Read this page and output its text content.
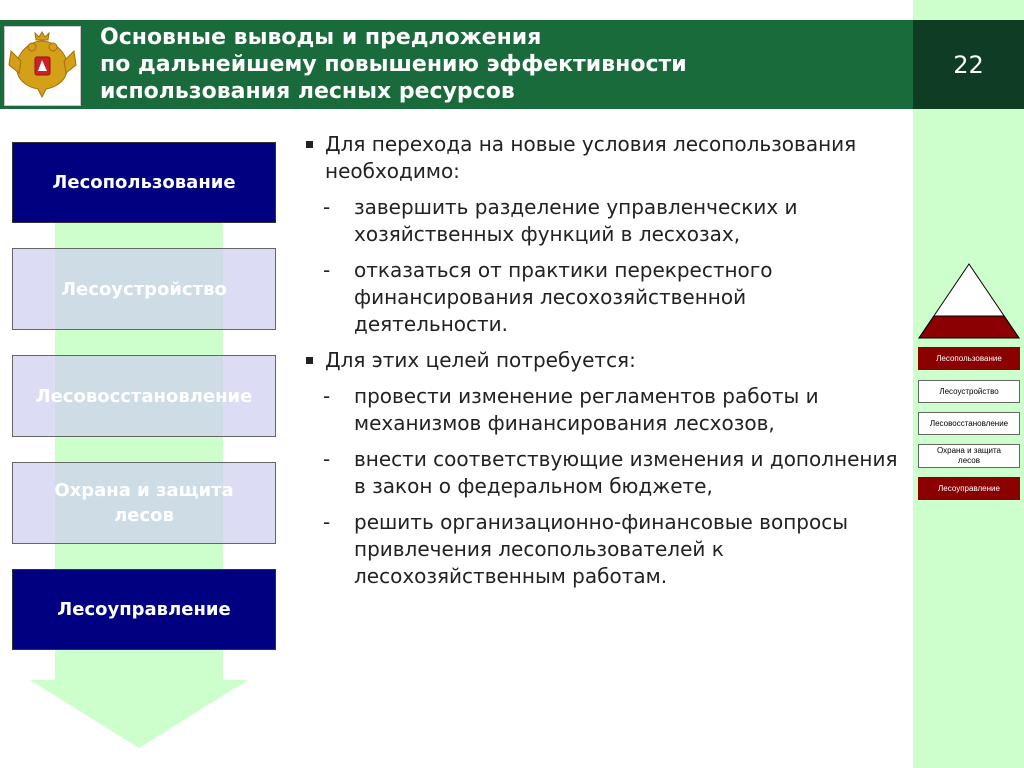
Основные выводы и предложения
по дальнейшему повышению эффективности
использования лесных ресурсов
22
Лесопользование
Лесоустройство
Лесовосстановление
Охрана и защита лесов
Лесоуправление
Для перехода на новые условия лесопользования необходимо:
- завершить разделение управленческих и хозяйственных функций в лесхозах,
- отказаться от практики перекрестного финансирования лесохозяйственной деятельности.
Для этих целей потребуется:
- провести изменение регламентов работы и механизмов финансирования лесхозов,
- внести соответствующие изменения и дополнения в закон о федеральном бюджете,
- решить организационно-финансовые вопросы привлечения лесопользователей к лесохозяйственным работам.
Лесопользование
Лесоустройство
Лесовосстановление
Охрана и защита лесов
Лесоуправление
